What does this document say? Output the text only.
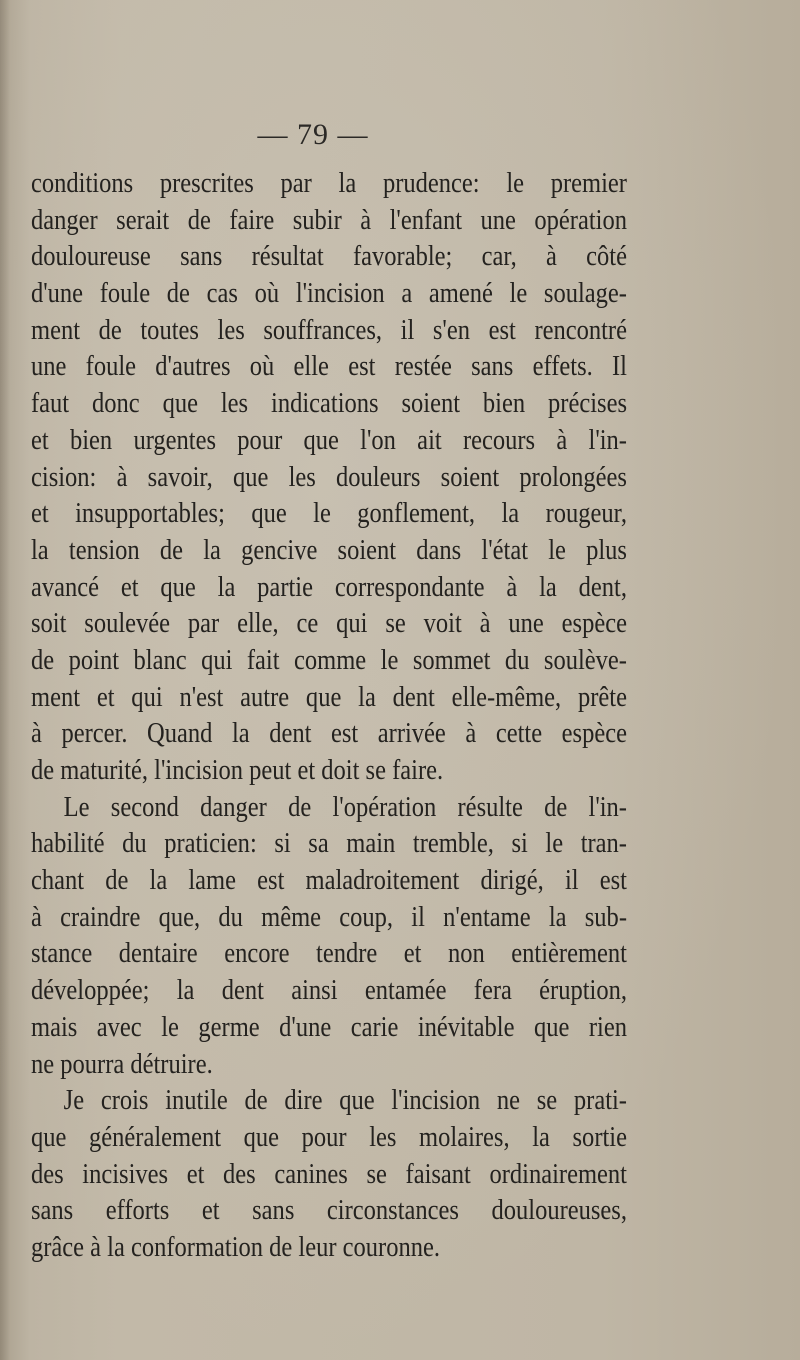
— 79 —
conditions prescrites par la prudence: le premier
danger serait de faire subir à l'enfant une opération
douloureuse sans résultat favorable; car, à côté
d'une foule de cas où l'incision a amené le soulage-
ment de toutes les souffrances, il s'en est rencontré
une foule d'autres où elle est restée sans effets. Il
faut donc que les indications soient bien précises
et bien urgentes pour que l'on ait recours à l'in-
cision: à savoir, que les douleurs soient prolongées
et insupportables; que le gonflement, la rougeur,
la tension de la gencive soient dans l'état le plus
avancé et que la partie correspondante à la dent,
soit soulevée par elle, ce qui se voit à une espèce
de point blanc qui fait comme le sommet du soulève-
ment et qui n'est autre que la dent elle-même, prête
à percer. Quand la dent est arrivée à cette espèce
de maturité, l'incision peut et doit se faire.
Le second danger de l'opération résulte de l'in-
habilité du praticien: si sa main tremble, si le tran-
chant de la lame est maladroitement dirigé, il est
à craindre que, du même coup, il n'entame la sub-
stance dentaire encore tendre et non entièrement
développée; la dent ainsi entamée fera éruption,
mais avec le germe d'une carie inévitable que rien
ne pourra détruire.
Je crois inutile de dire que l'incision ne se prati-
que généralement que pour les molaires, la sortie
des incisives et des canines se faisant ordinairement
sans efforts et sans circonstances douloureuses,
grâce à la conformation de leur couronne.
